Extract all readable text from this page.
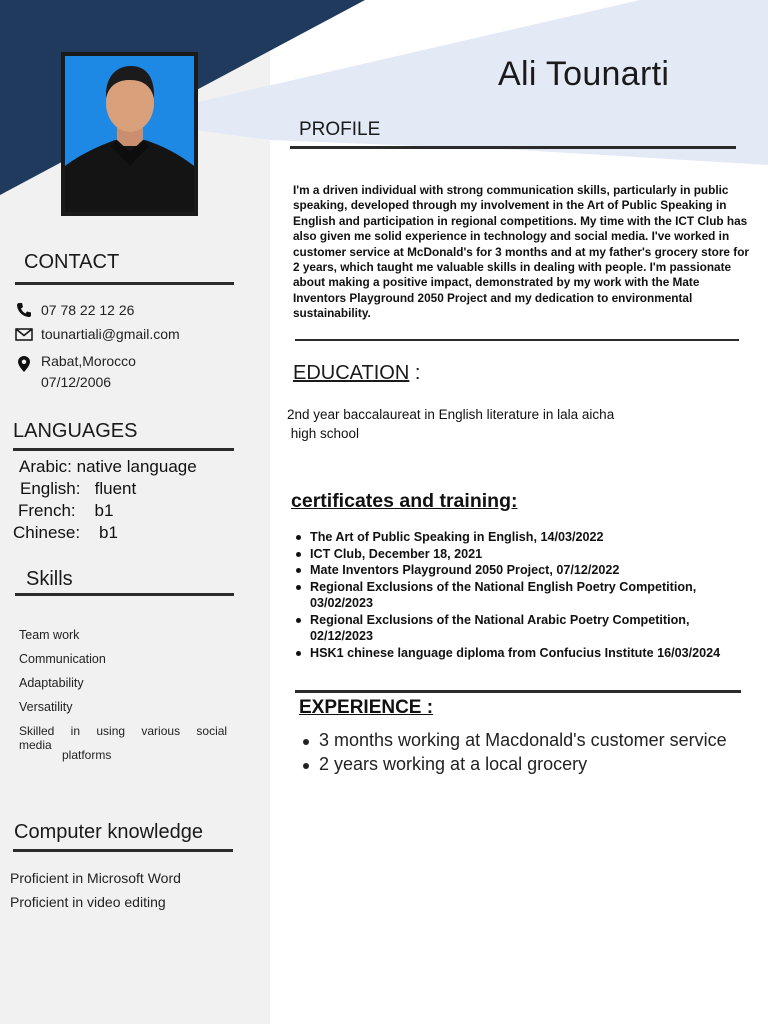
Ali Tounarti
PROFILE
I'm a driven individual with strong communication skills, particularly in public speaking, developed through my involvement in the Art of Public Speaking in English and participation in regional competitions. My time with the ICT Club has also given me solid experience in technology and social media. I've worked in customer service at McDonald's for 3 months and at my father's grocery store for 2 years, which taught me valuable skills in dealing with people. I'm passionate about making a positive impact, demonstrated by my work with the Mate Inventors Playground 2050 Project and my dedication to environmental sustainability.
EDUCATION :
2nd year baccalaureat in English literature in lala aicha
high school
certificates and training:
The Art of Public Speaking in English, 14/03/2022
ICT Club, December 18, 2021
Mate Inventors Playground 2050 Project, 07/12/2022
Regional Exclusions of the National English Poetry Competition, 03/02/2023
Regional Exclusions of the National Arabic Poetry Competition, 02/12/2023
HSK1 chinese language diploma from Confucius Institute 16/03/2024
EXPERIENCE :
3 months working at Macdonald's customer service
2 years working at a local grocery
CONTACT
07 78 22 12 26
tounartiali@gmail.com
Rabat,Morocco
07/12/2006
LANGUAGES
Arabic: native language
English:   fluent
French:    b1
Chinese:    b1
Skills
Team work
Communication
Adaptability
Versatility
Skilled in using various social media
platforms
Computer knowledge
Proficient in Microsoft Word
Proficient in video editing
